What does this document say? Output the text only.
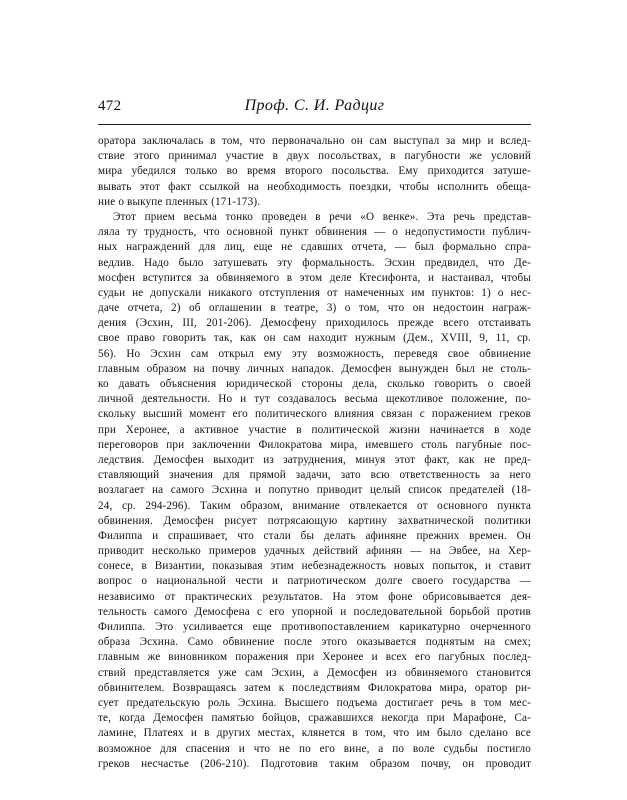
472	Проф. С. И. Радциг
оратора заключалась в том, что первоначально он сам выступал за мир и вслед-
ствие этого принимал участие в двух посольствах, в пагубности же условий
мира убедился только во время второго посольства. Ему приходится затуше-
вывать этот факт ссылкой на необходимость поездки, чтобы исполнить обеща-
ние о выкупе пленных (171-173).
Этот прием весьма тонко проведен в речи «О венке». Эта речь представ-
ляла ту трудность, что основной пункт обвинения — о недопустимости публич-
ных награждений для лиц, еще не сдавших отчета, — был формально спра-
ведлив. Надо было затушевать эту формальность. Эсхин предвидел, что Де-
мосфен вступится за обвиняемого в этом деле Ктесифонта, и настаивал, чтобы
судьи не допускали никакого отступления от намеченных им пунктов: 1) о нес-
даче отчета, 2) об оглашении в театре, 3) о том, что он недостоин награж-
дения (Эсхин, III, 201-206). Демосфену приходилось прежде всего отстаивать
свое право говорить так, как он сам находит нужным (Дем., XVIII, 9, 11, ср.
56). Но Эсхин сам открыл ему эту возможность, переведя свое обвинение
главным образом на почву личных нападок. Демосфен вынужден был не столь-
ко давать объяснения юридической стороны дела, сколько говорить о своей
личной деятельности. Но и тут создавалось весьма щекотливое положение, по-
скольку высший момент его политического влияния связан с поражением греков
при Херонее, а активное участие в политической жизни начинается в ходе
переговоров при заключении Филократова мира, имевшего столь пагубные пос-
ледствия. Демосфен выходит из затруднения, минуя этот факт, как не пред-
ставляющий значения для прямой задачи, зато всю ответственность за него
возлагает на самого Эсхина и попутно приводит целый список предателей (18-
24, ср. 294-296). Таким образом, внимание отвлекается от основного пункта
обвинения. Демосфен рисует потрясающую картину захватнической политики
Филиппа и спрашивает, что стали бы делать афиняне прежних времен. Он
приводит несколько примеров удачных действий афинян — на Эвбее, на Хер-
сонесе, в Византии, показывая этим небезнадежность новых попыток, и ставит
вопрос о национальной чести и патриотическом долге своего государства —
независимо от практических результатов. На этом фоне обрисовывается дея-
тельность самого Демосфена с его упорной и последовательной борьбой против
Филиппа. Это усиливается еще противопоставлением карикатурно очерченного
образа Эсхина. Само обвинение после этого оказывается поднятым на смех;
главным же виновником поражения при Херонее и всех его пагубных послед-
ствий представляется уже сам Эсхин, а Демосфен из обвиняемого становится
обвинителем. Возвращаясь затем к последствиям Филократова мира, оратор ри-
сует предательскую роль Эсхина. Высшего подъема достигает речь в том мес-
те, когда Демосфен памятью бойцов, сражавшихся некогда при Марафоне, Са-
ламине, Платеях и в других местах, клянется в том, что им было сделано все
возможное для спасения и что не по его вине, а по воле судьбы постигло
греков несчастье (206-210). Подготовив таким образом почву, он проводит
